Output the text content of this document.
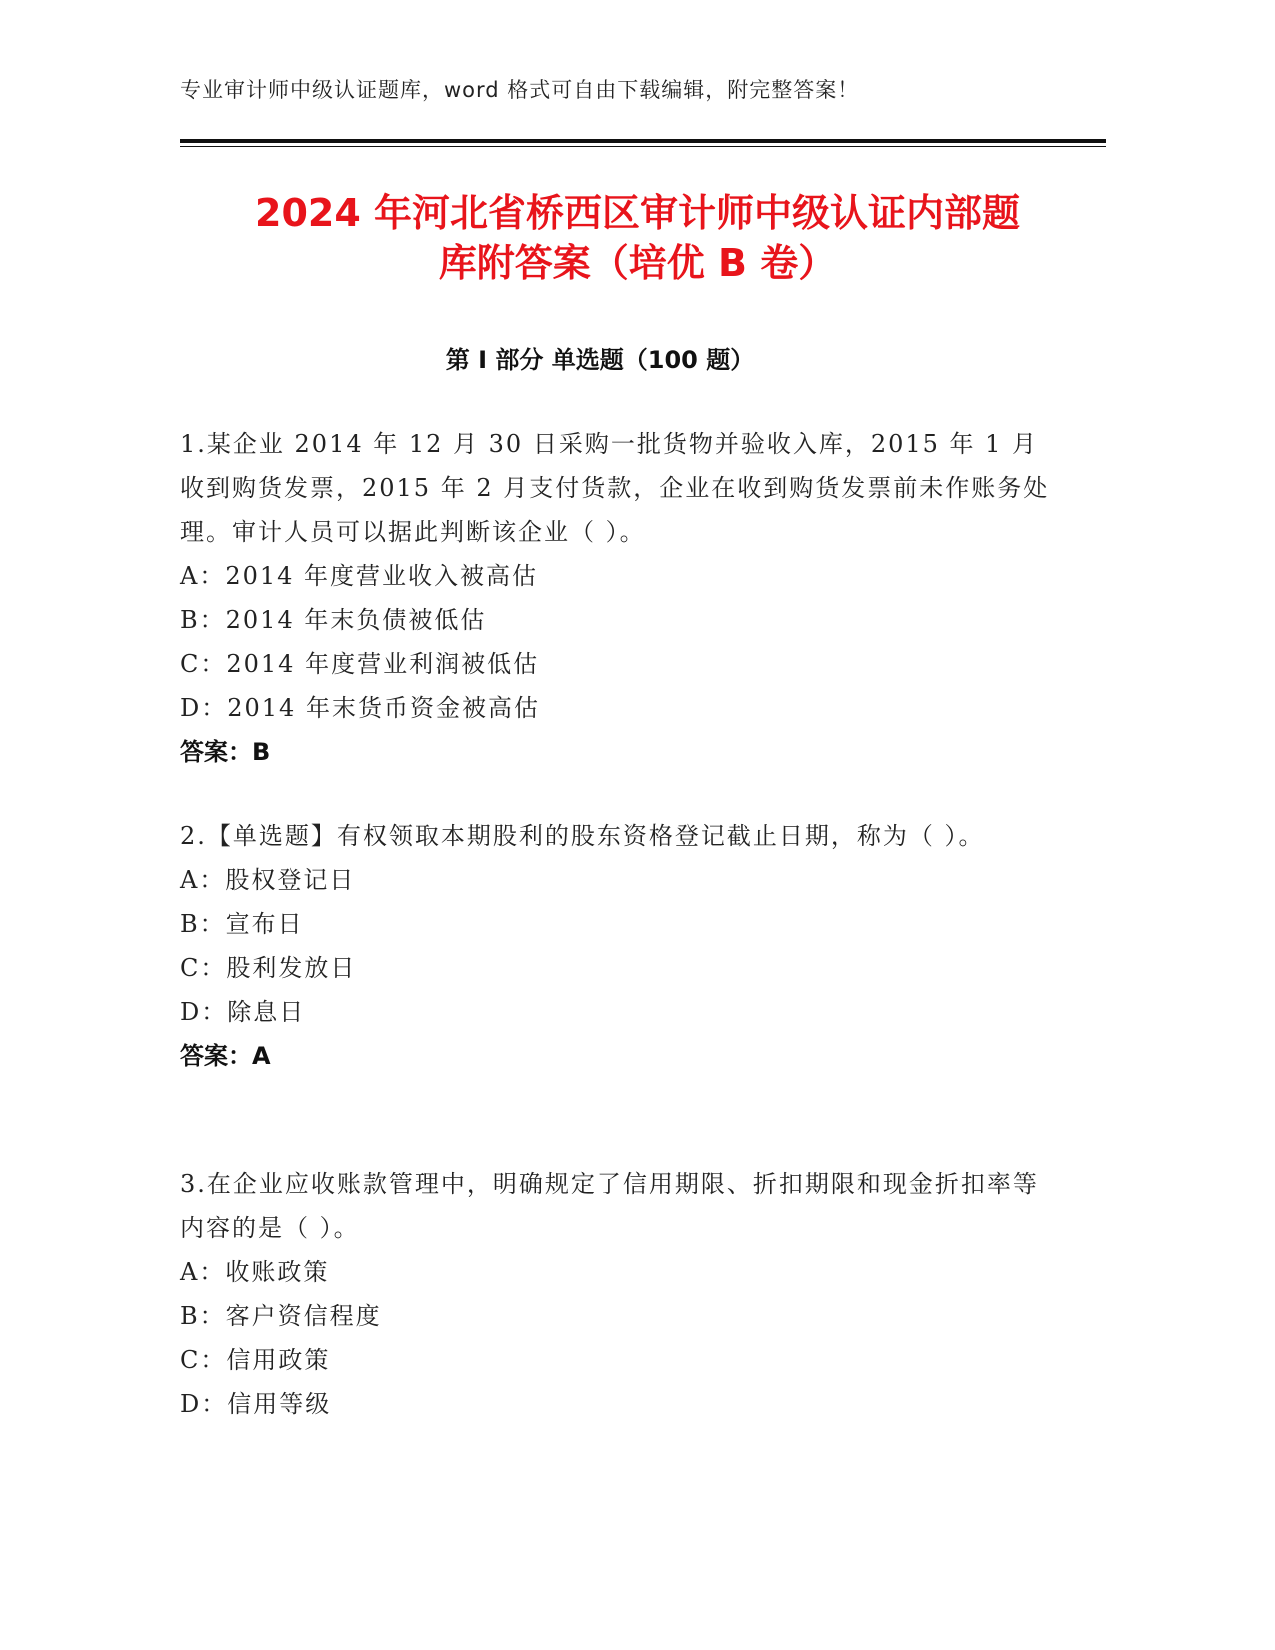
专业审计师中级认证题库，word 格式可自由下载编辑，附完整答案！
2024 年河北省桥西区审计师中级认证内部题
库附答案（培优 B 卷）
第 I 部分 单选题（100 题）

1.某企业 2014 年 12 月 30 日采购一批货物并验收入库，2015 年 1 月收到购货发票，2015 年 2 月支付货款，企业在收到购货发票前未作账务处理。审计人员可以据此判断该企业（ ）。

A：2014 年度营业收入被高估

B：2014 年末负债被低估

C：2014 年度营业利润被低估

D：2014 年末货币资金被高估

答案：B

2.【单选题】有权领取本期股利的股东资格登记截止日期，称为（ ）。

A：股权登记日

B：宣布日

C：股利发放日

D：除息日

答案：A

3.在企业应收账款管理中，明确规定了信用期限、折扣期限和现金折扣率等内容的是（ ）。

A：收账政策

B：客户资信程度

C：信用政策

D：信用等级
